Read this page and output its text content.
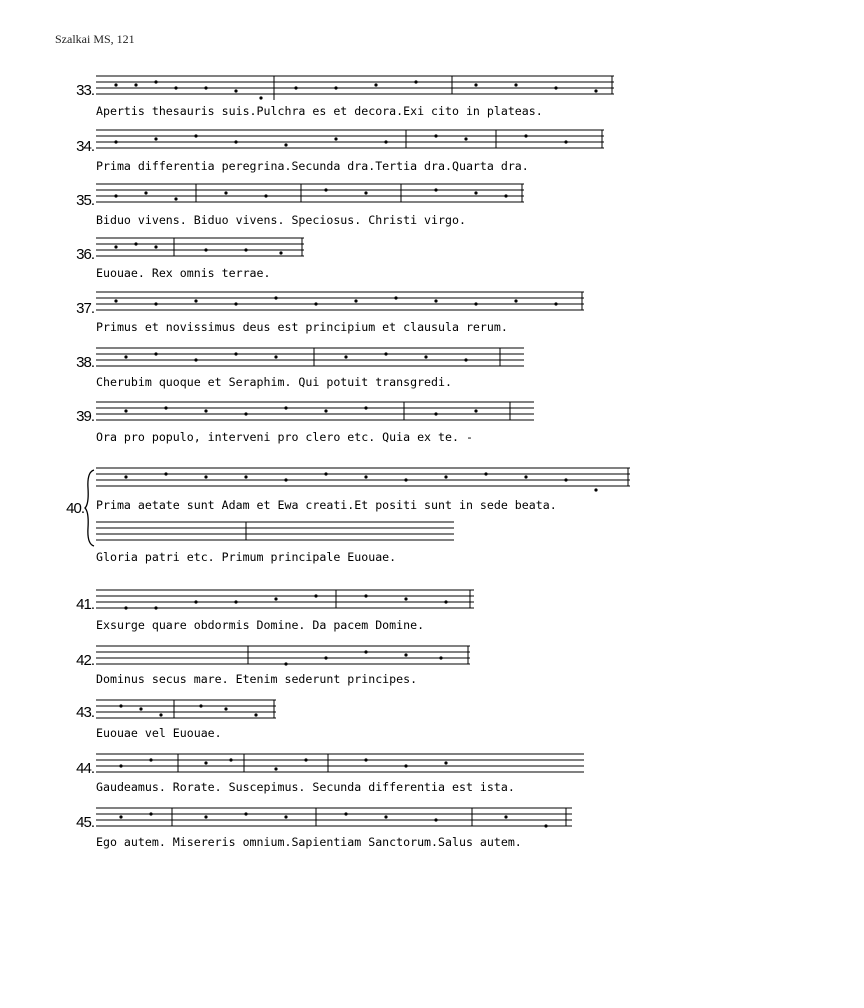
Szalkai MS, 121
33.
Apertis thesauris suis.Pulchra es et decora.Exi cito in plateas.
34.
Prima differentia peregrina.Secunda dra.Tertia dra.Quarta dra.
35.
Biduo vivens. Biduo vivens. Speciosus. Christi virgo.
36.
Euouae. Rex omnis terrae.
37.
Primus et novissimus deus est principium et clausula rerum.
38.
Cherubim quoque et Seraphim. Qui potuit transgredi.
39.
Ora pro populo, interveni pro clero etc. Quia ex te. -
40. Prima aetate sunt Adam et Ewa creati.Et positi sunt in sede beata.
Gloria patri etc. Primum principale Euouae.
41.
Exsurge quare obdormis Domine. Da pacem Domine.
42.
Dominus secus mare. Etenim sederunt principes.
43.
Euouae vel Euouae.
44.
Gaudeamus. Rorate. Suscepimus. Secunda differentia est ista.
45.
Ego autem. Misereris omnium.Sapientiam Sanctorum.Salus autem.
